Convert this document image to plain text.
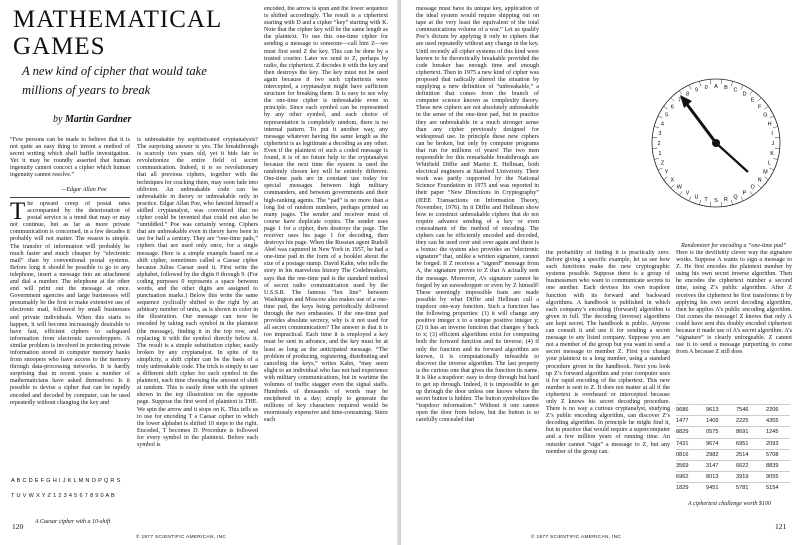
MATHEMATICAL GAMES
A new kind of cipher that would take millions of years to break
by Martin Gardner
“Few persons can be made to believe that it is not quite an easy thing to invent a method of secret writing which shall baffle investigation. Yet it may be roundly asserted that human ingenuity cannot concoct a cipher which human ingenuity cannot resolve.”
—Edgar Allan Poe
T he upward creep of postal rates accompanied by the deterioration of postal service is a trend that may or may not continue, but as far as more private communication is concerned, in a few decades it probably will not matter. The reason is simple. The transfer of information will probably be much faster and much cheaper by “electronic mail” than by conventional postal systems. Before long it should be possible to go to any telephone, insert a message into an attachment and dial a number. The telephone at the other end will print out the message at once. Government agencies and large businesses will presumably be the first to make extensive use of electronic mail, followed by small businesses and private individuals. When this starts to happen, it will become increasingly desirable to have fast, efficient ciphers to safeguard information from electronic eavesdroppers. A similar problem is involved in protecting private information stored in computer memory banks from snoopers who have access to the memory through data-processing networks. It is hardly surprising that in recent years a number of mathematicians have asked themselves: Is it possible to devise a cipher that can be rapidly encoded and decoded by computer, can be used repeatedly without changing the key and
A B C D E F G H I J K L M N O P Q R S
T U V W X Y Z 1 2 3 4 5 6 7 8 9 0 A B
A Caesar cipher with a 10-shift
is unbreakable by sophisticated cryptanalysis? The surprising answer is yes. The breakthrough is scarcely two years old, yet it bids fair to revolutionize the entire field of secret communication. Indeed, it is so revolutionary that all previous ciphers, together with the techniques for cracking them, may soon fade into oblivion. An unbreakable code can be unbreakable in theory or unbreakable only in practice. Edgar Allan Poe, who fancied himself a skilled cryptanalyst, was convinced that no cipher could be invented that could not also be “unriddled.” Poe was certainly wrong. Ciphers that are unbreakable even in theory have been in use for half a century. They are “one-time pads,” ciphers that are used only once, for a single message. Here is a simple example based on a shift cipher, sometimes called a Caesar cipher because Julius Caesar used it. First write the alphabet, followed by the digits 0 through 9. (For coding purposes 0 represents a space between words, and the other digits are assigned to punctuation marks.) Below this write the same sequence cyclically shifted to the right by an arbitrary number of units, as is shown in color in the illustration. Our message can now be encoded by taking each symbol in the plaintext (the message), finding it in the top row, and replacing it with the symbol directly below it. The result is a simple substitution cipher, easily broken by any cryptanalyst. In spite of its simplicity, a shift cipher can be the basis of a truly unbreakable code. The trick is simply to use a different shift cipher for each symbol in the plaintext, each time choosing the amount of shift at random. This is easily done with the spinner shown in the top illustration on the opposite page. Suppose the first word of plaintext is THE. We spin the arrow and it stops on K. This tells us to use for encoding T a Caesar cipher in which the lower alphabet is shifted 10 steps to the right. Encoded, T becomes D. Procedure is followed for every symbol in the plaintext. Before each symbol is
encoded, the arrow is spun and the lower sequence is shifted accordingly. The result is a ciphertext starting with D and a cipher “key” starting with K. Note that the cipher key will be the same length as the plaintext. To use this one-time cipher for sending a message to someone—call him Z—we must first send Z the key. This can be done by a trusted courier. Later we send to Z, perhaps by radio, the ciphertext. Z decodes it with the key and then destroys the key. The key must not be used again because if two such ciphertexts were intercepted, a cryptanalyst might have sufficient structure for breaking them. It is easy to see why the one-time cipher is unbreakable even in principle. Since each symbol can be represented by any other symbol, and each choice of representation is completely random, there is no internal pattern. To put it another way, any message whatever having the same length as the ciphertext is as legitimate a decoding as any other. Even if the plaintext of such a coded message is found, it is of no future help to the cryptanalyst because the next time the system is used the randomly chosen key will be entirely different. One-time pads are in constant use today for special messages between high military commanders, and between governments and their high-ranking agents. The “pad” is no more than a long list of random numbers, perhaps printed on many pages. The sender and receiver must of course have duplicate copies. The sender uses page 1 for a cipher, then destroys the page. The receiver uses his page 1 for decoding, then destroys his page. When the Russian agent Rudolf Abel was captured in New York in 1957, he had a one-time pad in the form of a booklet about the size of a postage stamp. David Kahn, who tells the story in his marvelous history The Codebreakers, says that the one-time pad is the standard method of secret radio communication used by the U.S.S.R. The famous “hot line” between Washington and Moscow also makes use of a one-time pad, the keys being periodically delivered through the two embassies. If the one-time pad provides absolute secrecy, why is it not used for all secret communication? The answer is that it is too impractical. Each time it is employed a key must be sent in advance, and the key must be at least as long as the anticipated message. “The problem of producing, registering, distributing and canceling the keys,” writes Kahn, “may seem slight to an individual who has not had experience with military communications, but in wartime the volumes of traffic stagger even the signal staffs. Hundreds of thousands of words may be enciphered in a day; simply to generate the millions of key characters required would be enormously expensive and time-consuming. Since each
120
© 1977 SCIENTIFIC AMERICAN, INC
message must have its unique key, application of the ideal system would require shipping out on tape at the very least the equivalent of the total communications volume of a war.” Let us qualify Poe’s dictum by applying it only to ciphers that are used repeatedly without any change in the key. Until recently all cipher systems of this kind were known to be theoretically breakable provided the code breaker has enough time and enough ciphertext. Then in 1975 a new kind of cipher was proposed that radically altered the situation by supplying a new definition of “unbreakable,” a definition that comes from the branch of computer science known as complexity theory. These new ciphers are not absolutely unbreakable in the sense of the one-time pad, but in practice they are unbreakable in a much stronger sense than any cipher previously designed for widespread use. In principle these new ciphers can be broken, but only by computer programs that run for millions of years! The two men responsible for this remarkable breakthrough are Whitfield Diffie and Martin E. Hellman, both electrical engineers at Stanford University. Their work was partly supported by the National Science Foundation in 1975 and was reported in their paper “New Directions in Cryptography” (IEEE Transactions on Information Theory, November, 1976). In it Diffie and Hellman show how to construct unbreakable ciphers that do not require advance sending of a key or even concealment of the method of encoding. The ciphers can be efficiently encoded and decoded, they can be used over and over again and there is a bonus: the system also provides an “electronic signature” that, unlike a written signature, cannot be forged. If Z receives a “signed” message from A, the signature proves to Z that A actually sent the message. Moreover, A’s signature cannot be forged by an eavesdropper or even by Z himself! These seemingly impossible feats are made possible by what Diffie and Hellman call a trapdoor one-way function. Such a function has the following properties: (1) it will change any positive integer x to a unique positive integer y; (2) it has an inverse function that changes y back to x; (3) efficient algorithms exist for computing both the forward function and its inverse; (4) if only the function and its forward algorithm are known, it is computationally infeasible to discover the inverse algorithm. The last property is the curious one that gives the function its name. It is like a trapdoor: easy to drop through but hard to get up through. Indeed, it is impossible to get up through the door unless one knows where the secret button is hidden. The button symbolizes the “trapdoor information.” Without it one cannot open the door from below, but the button is so carefully concealed that
the probability of finding it is practically zero. Before giving a specific example, let us see how such functions make the new cryptographic systems possible. Suppose there is a group of businessmen who want to communicate secrets to one another. Each devises his own trapdoor function with its forward and backward algorithms. A handbook is published in which each company’s encoding (forward) algorithm is given in full. The decoding (inverse) algorithms are kept secret. The handbook is public. Anyone can consult it and use it for sending a secret message to any listed company. Suppose you are not a member of the group but you want to send a secret message to member Z. First you change your plaintext to a long number, using a standard procedure given in the handbook. Next you look up Z’s forward algorithm and your computer uses it for rapid encoding of the ciphertext. This new number is sent to Z. It does not matter at all if the ciphertext is overheard or intercepted because only Z knows his secret decoding procedure. There is no way a curious cryptanalyst, studying Z’s public encoding algorithm, can discover Z’s decoding algorithm. In principle he might find it, but in practice that would require a supercomputer and a few million years of running time. An outsider cannot “sign” a message to Z, but any member of the group can.
Here is the devilishly clever way the signature works. Suppose A wants to sign a message to Z. He first encodes the plaintext number by using his own secret inverse algorithm. Then he encodes the ciphertext number a second time, using Z’s public algorithm. After Z receives the ciphertext he first transforms it by applying his own secret decoding algorithm, then he applies A’s public encoding algorithm. Out comes the message! Z knows that only A could have sent this doubly encoded ciphertext because it made use of A’s secret algorithm. A’s “signature” is clearly unforgeable. Z cannot use it to send a message purporting to come from A because Z still does
121
© 1977 SCIENTIFIC AMERICAN, INC
A B C
D
E
F
G
H
I
J
K
L
M
N
O
P
Q
R
S
T
U
V
W
X
Y
Z
1
2
3
4
5
6
7
8
9 0
Randomizer for encoding a “one-time pad”
9686	9613	7546	2206
1477	1409	2225	4355
8829	0575	8691	1245
7431	9674	6951	2093
0816	2982	2514	5708
3569	3147	6622	8839
6962	8013	3919	9055
1829	9451	5781	5154
A ciphertext challenge worth $100
